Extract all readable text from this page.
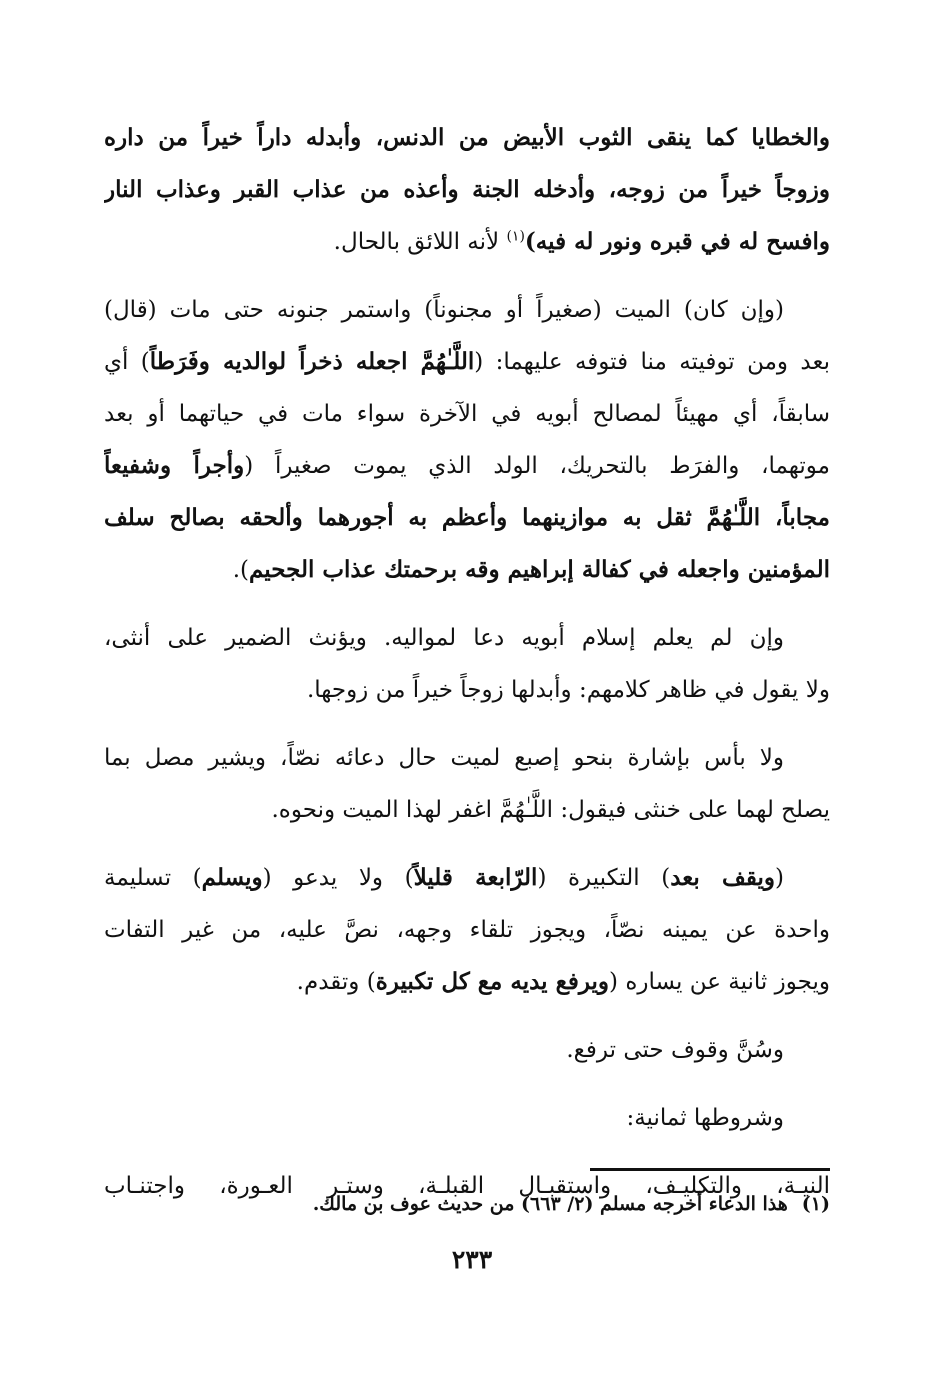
والخطايا كما ينقى الثوب الأبيض من الدنس، وأبدله داراً خيراً من داره
وزوجاً خيراً من زوجه، وأدخله الجنة وأعذه من عذاب القبر وعذاب النار
وافسح له في قبره ونور له فيه)$^{(١)}$ لأنه اللائق بالحال.

(وإن كان) الميت (صغيراً أو مجنوناً) واستمر جنونه حتى مات (قال)
بعد ومن توفيته منا فتوفه عليهما: (اللَّـٰهُمَّ اجعله ذخراً لوالديه وفَرَطاً) أي
سابقاً، أي مهيئاً لمصالح أبويه في الآخرة سواء مات في حياتهما أو بعد
موتهما، والفرَط بالتحريك، الولد الذي يموت صغيراً (وأجراً وشفيعاً
مجاباً، اللَّـٰهُمَّ ثقل به موازينهما وأعظم به أجورهما وألحقه بصالح سلف
المؤمنين واجعله في كفالة إبراهيم وقه برحمتك عذاب الجحيم).

وإن لم يعلم إسلام أبويه دعا لمواليه. ويؤنث الضمير على أنثى،
ولا يقول في ظاهر كلامهم: وأبدلها زوجاً خيراً من زوجها.

ولا بأس بإشارة بنحو إصبع لميت حال دعائه نصّاً، ويشير مصل بما
يصلح لهما على خنثى فيقول: اللَّـٰهُمَّ اغفر لهذا الميت ونحوه.

(ويقف بعد) التكبيرة (الرّابعة قليلاً) ولا يدعو (ويسلم) تسليمة
واحدة عن يمينه نصّاً، ويجوز تلقاء وجهه، نصَّ عليه، من غير التفات
ويجوز ثانية عن يساره (ويرفع يديه مع كل تكبيرة) وتقدم.

وسُنَّ وقوف حتى ترفع.

وشروطها ثمانية:

النيـة، والتكليـف، واستقبـال القبلـة، وستـر العـورة، واجتنـاب

(١)هذا الدعاء أخرجه مسلم (٢/ ٦٦٣) من حديث عوف بن مالك.
٢٣٣
